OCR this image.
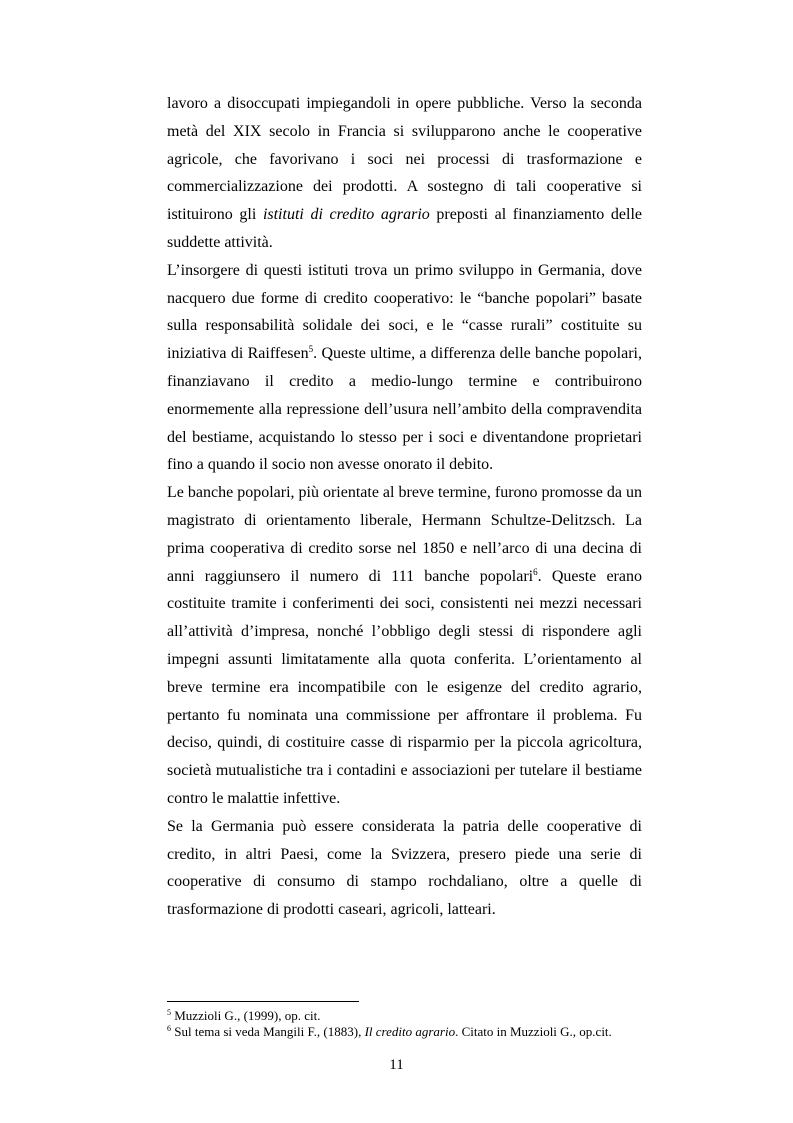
lavoro a disoccupati impiegandoli in opere pubbliche. Verso la seconda metà del XIX secolo in Francia si svilupparono anche le cooperative agricole, che favorivano i soci nei processi di trasformazione e commercializzazione dei prodotti. A sostegno di tali cooperative si istituirono gli istituti di credito agrario preposti al finanziamento delle suddette attività.

L’insorgere di questi istituti trova un primo sviluppo in Germania, dove nacquero due forme di credito cooperativo: le “banche popolari” basate sulla responsabilità solidale dei soci, e le “casse rurali” costituite su iniziativa di Raiffesen$^5$. Queste ultime, a differenza delle banche popolari, finanziavano il credito a medio-lungo termine e contribuirono enormemente alla repressione dell’usura nell’ambito della compravendita del bestiame, acquistando lo stesso per i soci e diventandone proprietari fino a quando il socio non avesse onorato il debito.

Le banche popolari, più orientate al breve termine, furono promosse da un magistrato di orientamento liberale, Hermann Schultze-Delitzsch. La prima cooperativa di credito sorse nel 1850 e nell’arco di una decina di anni raggiunsero il numero di 111 banche popolari$^6$. Queste erano costituite tramite i conferimenti dei soci, consistenti nei mezzi necessari all’attività d’impresa, nonché l’obbligo degli stessi di rispondere agli impegni assunti limitatamente alla quota conferita. L’orientamento al breve termine era incompatibile con le esigenze del credito agrario, pertanto fu nominata una commissione per affrontare il problema. Fu deciso, quindi, di costituire casse di risparmio per la piccola agricoltura, società mutualistiche tra i contadini e associazioni per tutelare il bestiame contro le malattie infettive.

Se la Germania può essere considerata la patria delle cooperative di credito, in altri Paesi, come la Svizzera, presero piede una serie di cooperative di consumo di stampo rochdaliano, oltre a quelle di trasformazione di prodotti caseari, agricoli, latteari.

$^5$ Muzzioli G., (1999), op. cit.

$^6$ Sul tema si veda Mangili F., (1883), Il credito agrario. Citato in Muzzioli G., op.cit.

11
